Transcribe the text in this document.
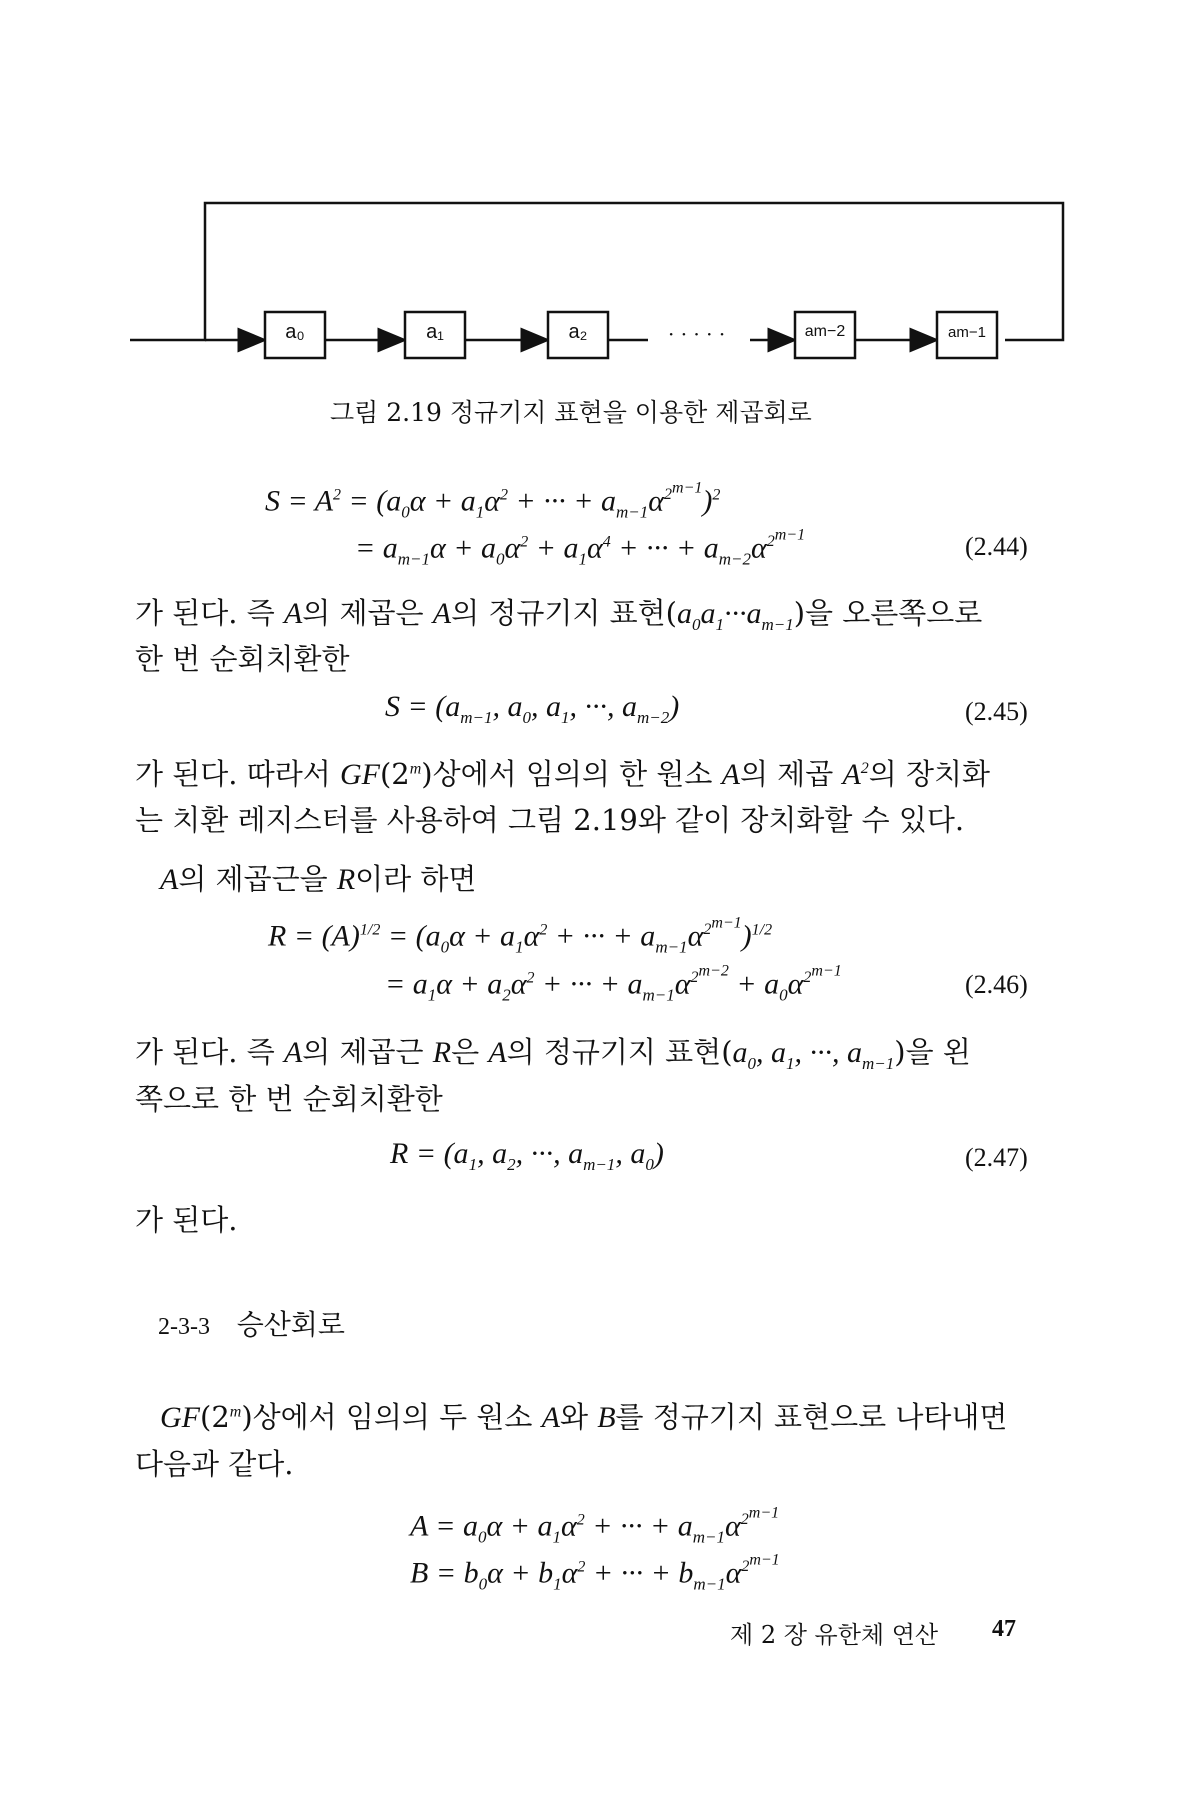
a₀	a₁	a₂	am−2	am−1
· · · · ·
그림 2.19 정규기지 표현을 이용한 제곱회로
$S = A^2 = (a_0\alpha + a_1\alpha^2$ + ··· + $a_{m-1}\alpha^{2^{m-1}})^2$
= $a_{m-1}\alpha + a_0\alpha^2 + a_1\alpha^4$ + ··· + $a_{m-2}\alpha^{2^{m-1}}$	(2.44)
가 된다. 즉 A의 제곱은 A의 정규기지 표현$(a_0a_1\cdot\cdot\cdot a_{m-1})$을 오른쪽으로
한 번 순회치환한
$S = (a_{m-1}$, $a_0$, $a_1$, ···, $a_{m-2}$)	(2.45)
가 된다. 따라서 GF(2$^m$)상에서 임의의 한 원소 A의 제곱 $A^2$의 장치화
는 치환 레지스터를 사용하여 그림 2.19와 같이 장치화할 수 있다.
A의 제곱근을 R이라 하면
$R = (A)^{1/2} = (a_0\alpha + a_1\alpha^2$ + ··· + $a_{m-1}\alpha^{2^{m-1}})^{1/2}$
= $a_1\alpha + a_2\alpha^2$ + ··· + $a_{m-1}\alpha^{2^{m-2}} + a_0\alpha^{2^{m-1}}$	(2.46)
가 된다. 즉 A의 제곱근 R은 A의 정규기지 표현($a_0$, $a_1$, ···, $a_{m-1}$)을 왼
쪽으로 한 번 순회치환한
$R = (a_1$, $a_2$, ···, $a_{m-1}$, $a_0$)	(2.47)
가 된다.
2-3-3 승산회로
GF(2$^m$)상에서 임의의 두 원소 A와 B를 정규기지 표현으로 나타내면
다음과 같다.
$A = a_0\alpha + a_1\alpha^2$ + ··· + $a_{m-1}\alpha^{2^{m-1}}$
$B = b_0\alpha + b_1\alpha^2$ + ··· + $b_{m-1}\alpha^{2^{m-1}}$
제 2 장 유한체 연산 47
